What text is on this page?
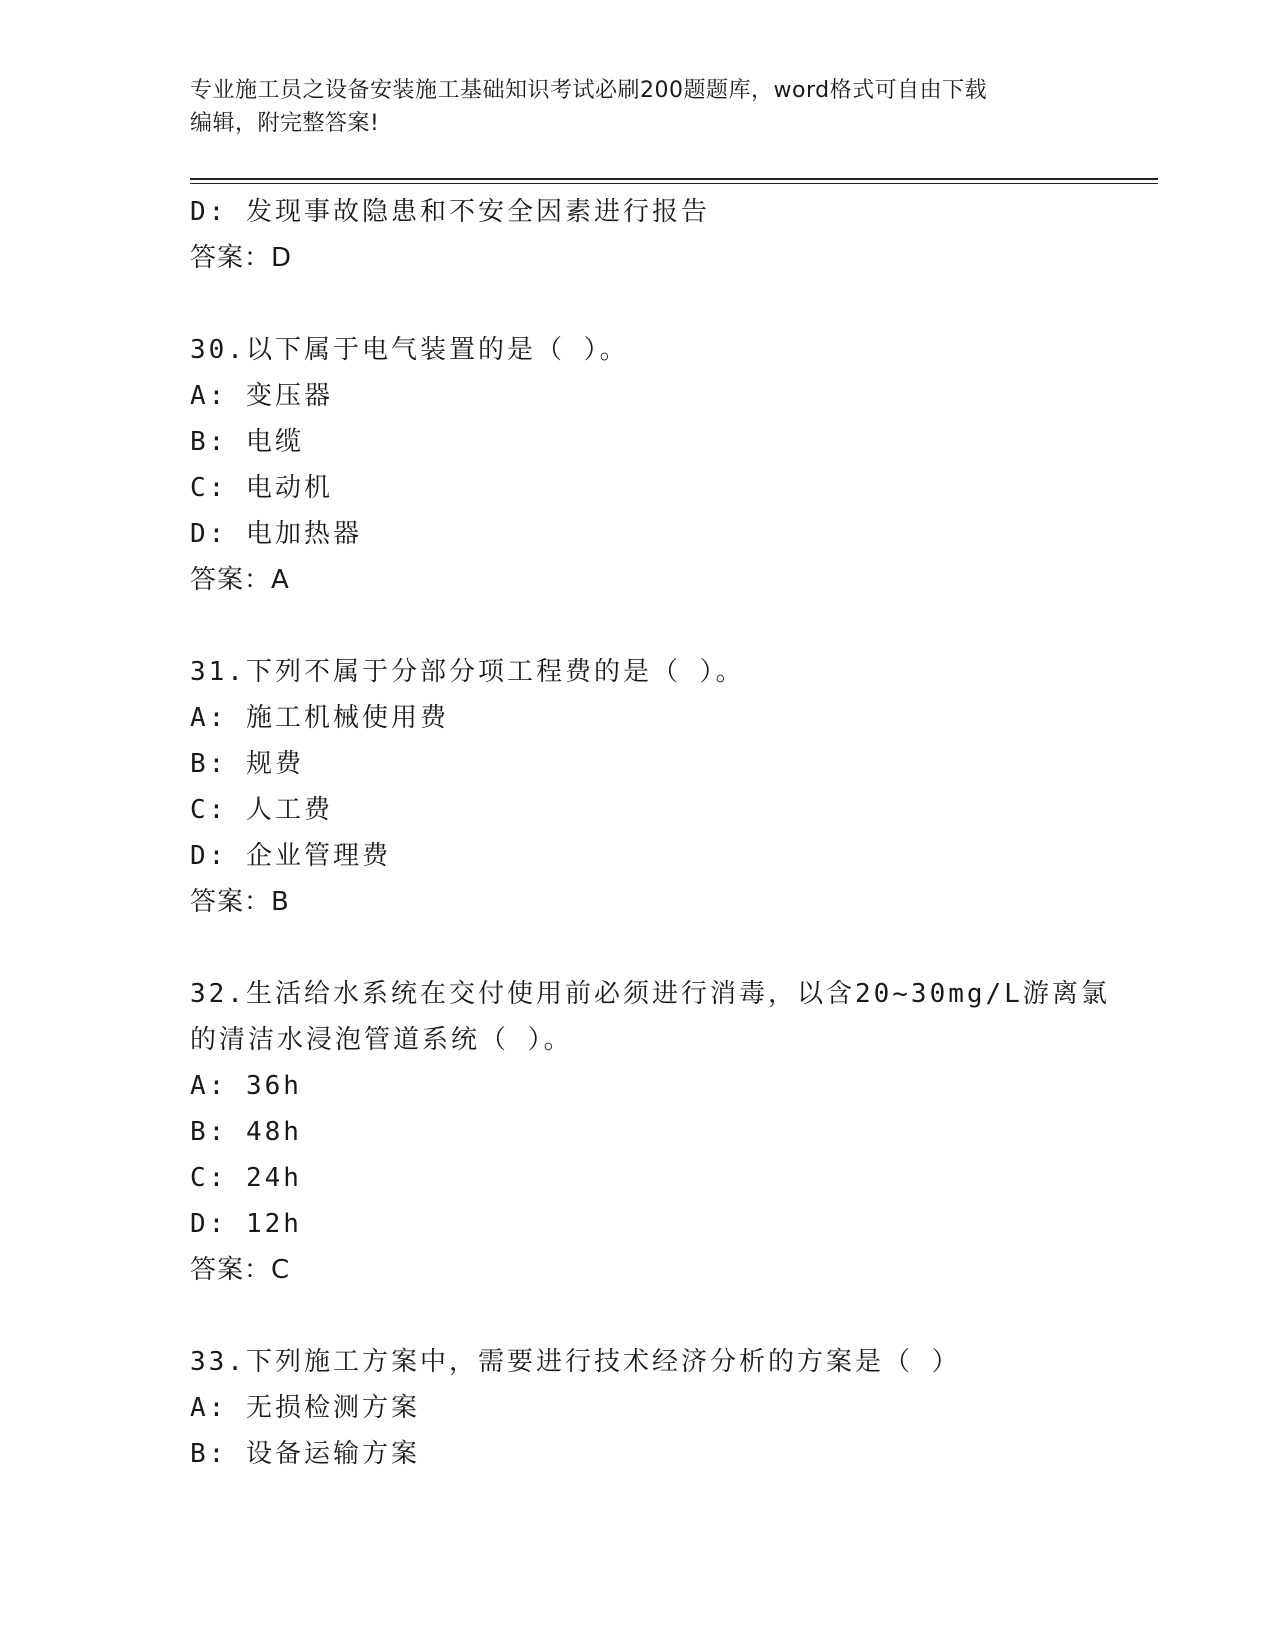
专业施工员之设备安装施工基础知识考试必刷200题题库，word格式可自由下载
编辑，附完整答案!
D: 发现事故隐患和不安全因素进行报告
答案：D
30.以下属于电气装置的是（ ）。
A: 变压器
B: 电缆
C: 电动机
D: 电加热器
答案：A
31.下列不属于分部分项工程费的是（ ）。
A: 施工机械使用费
B: 规费
C: 人工费
D: 企业管理费
答案：B
32.生活给水系统在交付使用前必须进行消毒，以含20~30mg/L游离氯
的清洁水浸泡管道系统（ ）。
A: 36h
B: 48h
C: 24h
D: 12h
答案：C
33.下列施工方案中，需要进行技术经济分析的方案是（ ）
A: 无损检测方案
B: 设备运输方案
